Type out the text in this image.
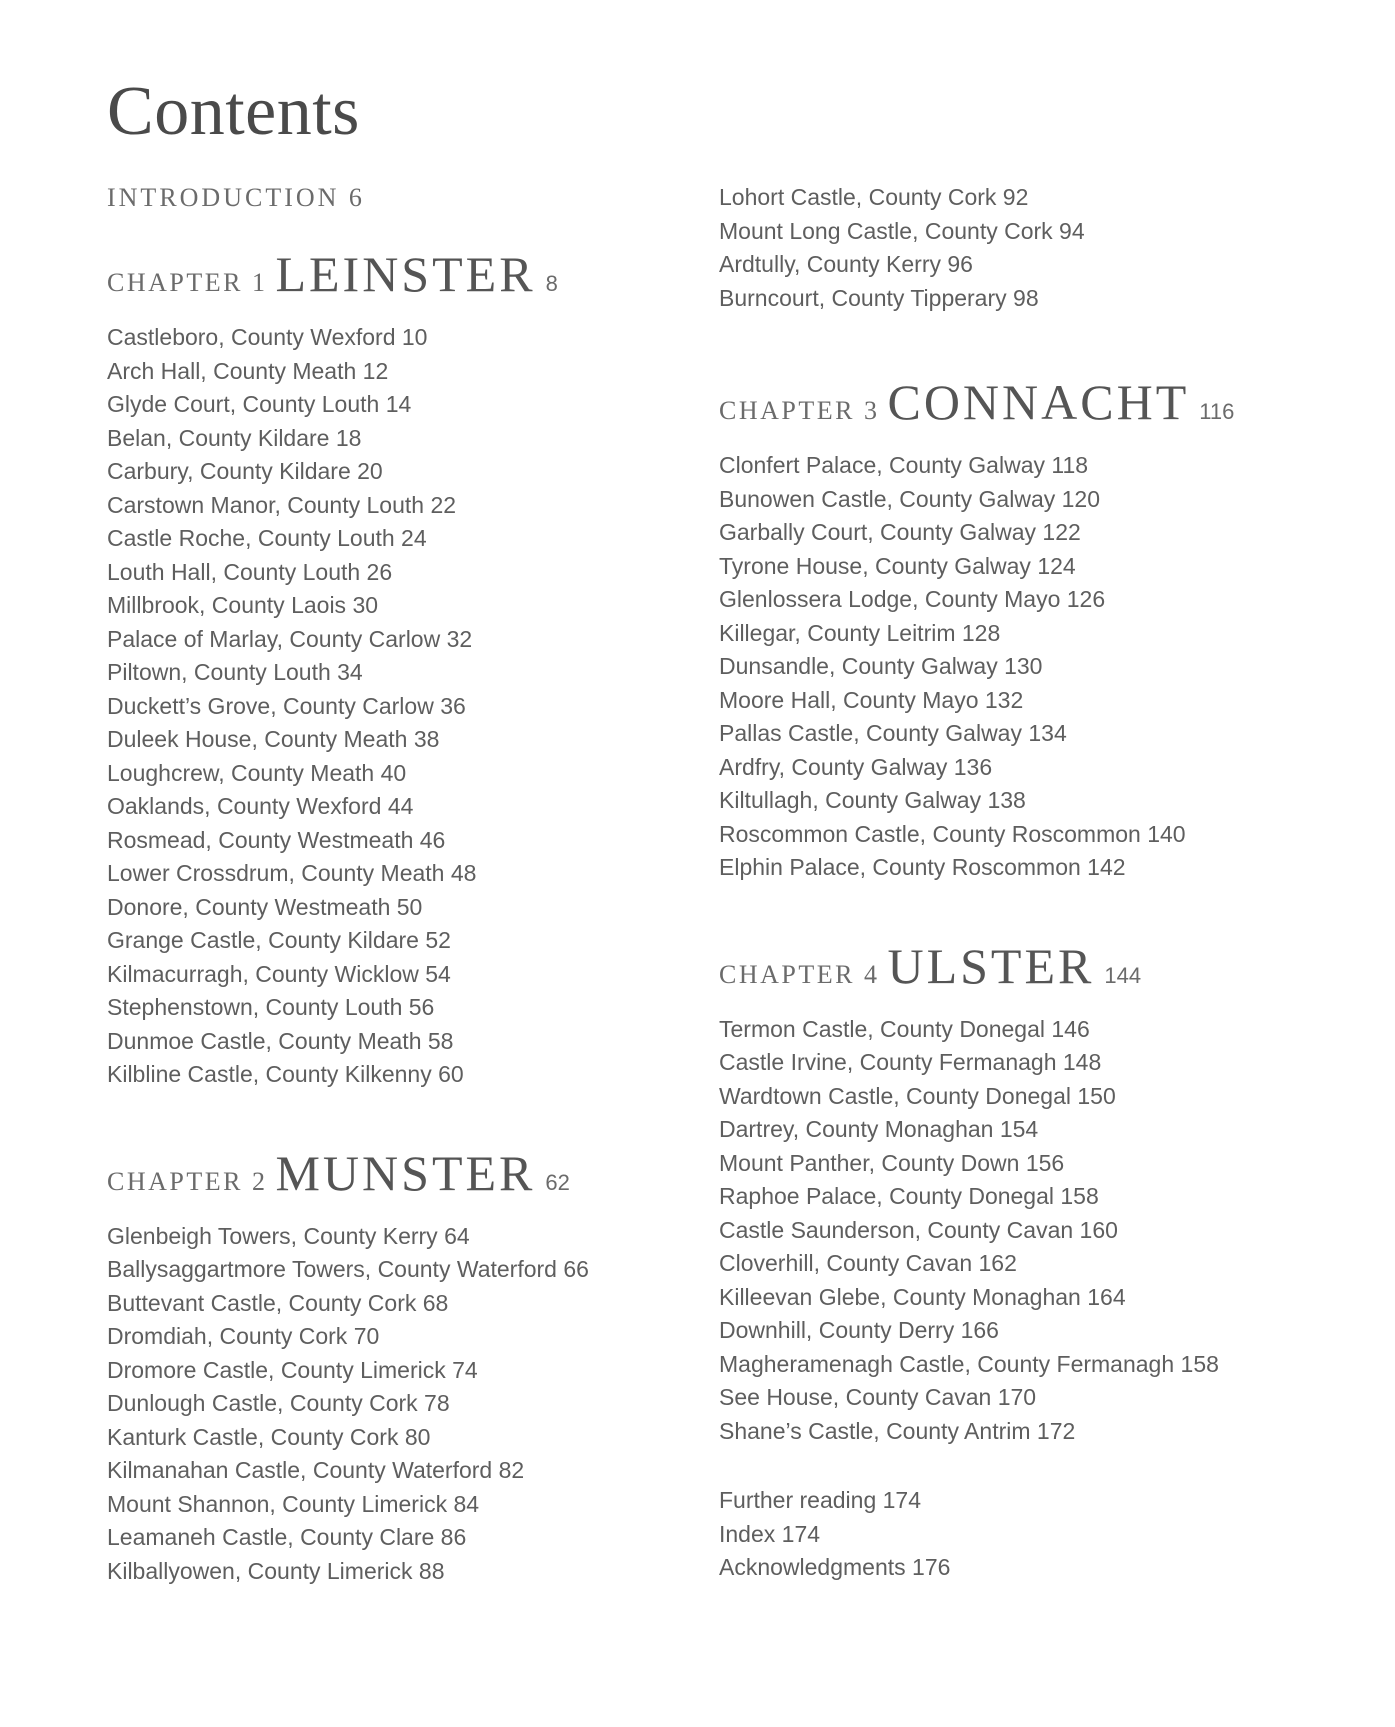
Contents
INTRODUCTION 6
CHAPTER 1 LEINSTER 8
Castleboro, County Wexford 10
Arch Hall, County Meath 12
Glyde Court, County Louth 14
Belan, County Kildare 18
Carbury, County Kildare 20
Carstown Manor, County Louth 22
Castle Roche, County Louth 24
Louth Hall, County Louth 26
Millbrook, County Laois 30
Palace of Marlay, County Carlow 32
Piltown, County Louth 34
Duckett’s Grove, County Carlow 36
Duleek House, County Meath 38
Loughcrew, County Meath 40
Oaklands, County Wexford 44
Rosmead, County Westmeath 46
Lower Crossdrum, County Meath 48
Donore, County Westmeath 50
Grange Castle, County Kildare 52
Kilmacurragh, County Wicklow 54
Stephenstown, County Louth 56
Dunmoe Castle, County Meath 58
Kilbline Castle, County Kilkenny 60
CHAPTER 2 MUNSTER 62
Glenbeigh Towers, County Kerry 64
Ballysaggartmore Towers, County Waterford 66
Buttevant Castle, County Cork 68
Dromdiah, County Cork 70
Dromore Castle, County Limerick 74
Dunlough Castle, County Cork 78
Kanturk Castle, County Cork 80
Kilmanahan Castle, County Waterford 82
Mount Shannon, County Limerick 84
Leamaneh Castle, County Clare 86
Kilballyowen, County Limerick 88
Lohort Castle, County Cork 92
Mount Long Castle, County Cork 94
Ardtully, County Kerry 96
Burncourt, County Tipperary 98
CHAPTER 3 CONNACHT 116
Clonfert Palace, County Galway 118
Bunowen Castle, County Galway 120
Garbally Court, County Galway 122
Tyrone House, County Galway 124
Glenlossera Lodge, County Mayo 126
Killegar, County Leitrim 128
Dunsandle, County Galway 130
Moore Hall, County Mayo 132
Pallas Castle, County Galway 134
Ardfry, County Galway 136
Kiltullagh, County Galway 138
Roscommon Castle, County Roscommon 140
Elphin Palace, County Roscommon 142
CHAPTER 4 ULSTER 144
Termon Castle, County Donegal 146
Castle Irvine, County Fermanagh 148
Wardtown Castle, County Donegal 150
Dartrey, County Monaghan 154
Mount Panther, County Down 156
Raphoe Palace, County Donegal 158
Castle Saunderson, County Cavan 160
Cloverhill, County Cavan 162
Killeevan Glebe, County Monaghan 164
Downhill, County Derry 166
Magheramenagh Castle, County Fermanagh 158
See House, County Cavan 170
Shane’s Castle, County Antrim 172
Further reading 174
Index 174
Acknowledgments 176
